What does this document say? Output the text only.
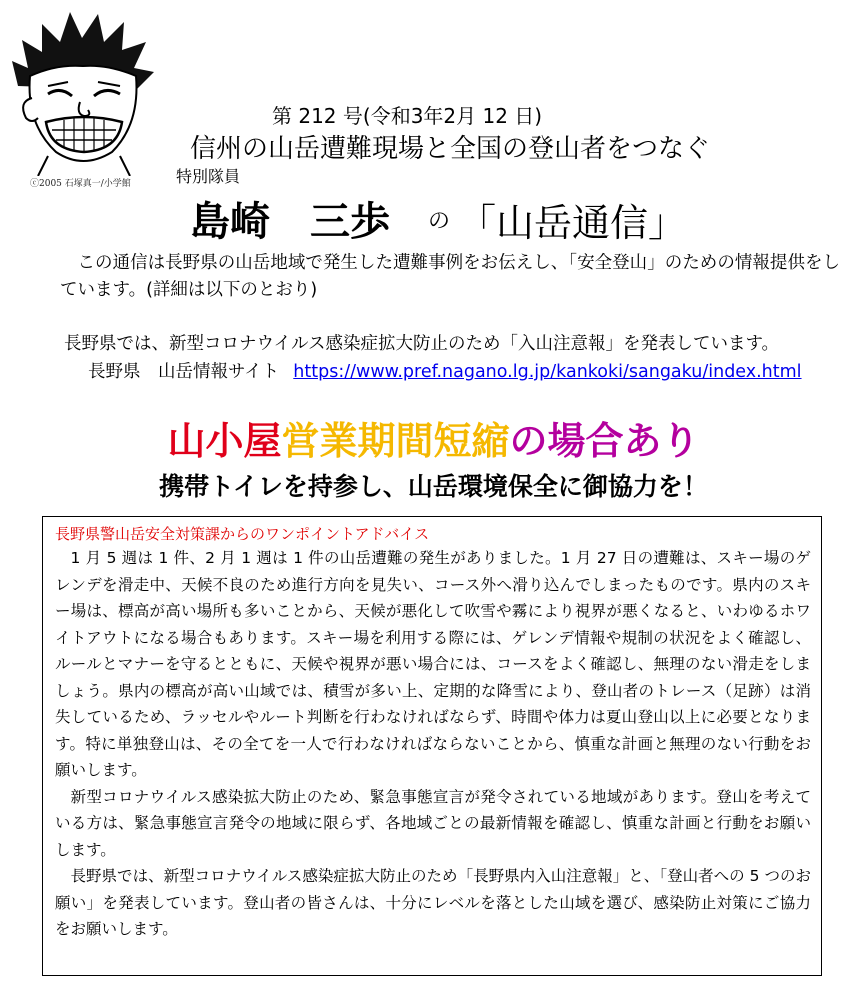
ⓒ2005 石塚真一/小学館
第 212 号(令和3年2月 12 日)
信州の山岳遭難現場と全国の登山者をつなぐ
特別隊員
島崎　三歩 の 「山岳通信」

この通信は長野県の山岳地域で発生した遭難事例をお伝えし、「安全登山」のための情報提供をしています。(詳細は以下のとおり)

長野県では、新型コロナウイルス感染症拡大防止のため「入山注意報」を発表しています。
長野県　山岳情報サイト https://www.pref.nagano.lg.jp/kankoki/sangaku/index.html
山小屋営業期間短縮の場合あり
携帯トイレを持参し、山岳環境保全に御協力を！
長野県警山岳安全対策課からのワンポイントアドバイス

1 月 5 週は 1 件、2 月 1 週は 1 件の山岳遭難の発生がありました。1 月 27 日の遭難は、スキー場のゲレンデを滑走中、天候不良のため進行方向を見失い、コース外へ滑り込んでしまったものです。県内のスキー場は、標高が高い場所も多いことから、天候が悪化して吹雪や霧により視界が悪くなると、いわゆるホワイトアウトになる場合もあります。スキー場を利用する際には、ゲレンデ情報や規制の状況をよく確認し、ルールとマナーを守るとともに、天候や視界が悪い場合には、コースをよく確認し、無理のない滑走をしましょう。県内の標高が高い山域では、積雪が多い上、定期的な降雪により、登山者のトレース（足跡）は消失しているため、ラッセルやルート判断を行わなければならず、時間や体力は夏山登山以上に必要となります。特に単独登山は、その全てを一人で行わなければならないことから、慎重な計画と無理のない行動をお願いします。

新型コロナウイルス感染拡大防止のため、緊急事態宣言が発令されている地域があります。登山を考えている方は、緊急事態宣言発令の地域に限らず、各地域ごとの最新情報を確認し、慎重な計画と行動をお願いします。

長野県では、新型コロナウイルス感染症拡大防止のため「長野県内入山注意報」と、「登山者への 5 つのお願い」を発表しています。登山者の皆さんは、十分にレベルを落とした山域を選び、感染防止対策にご協力をお願いします。
